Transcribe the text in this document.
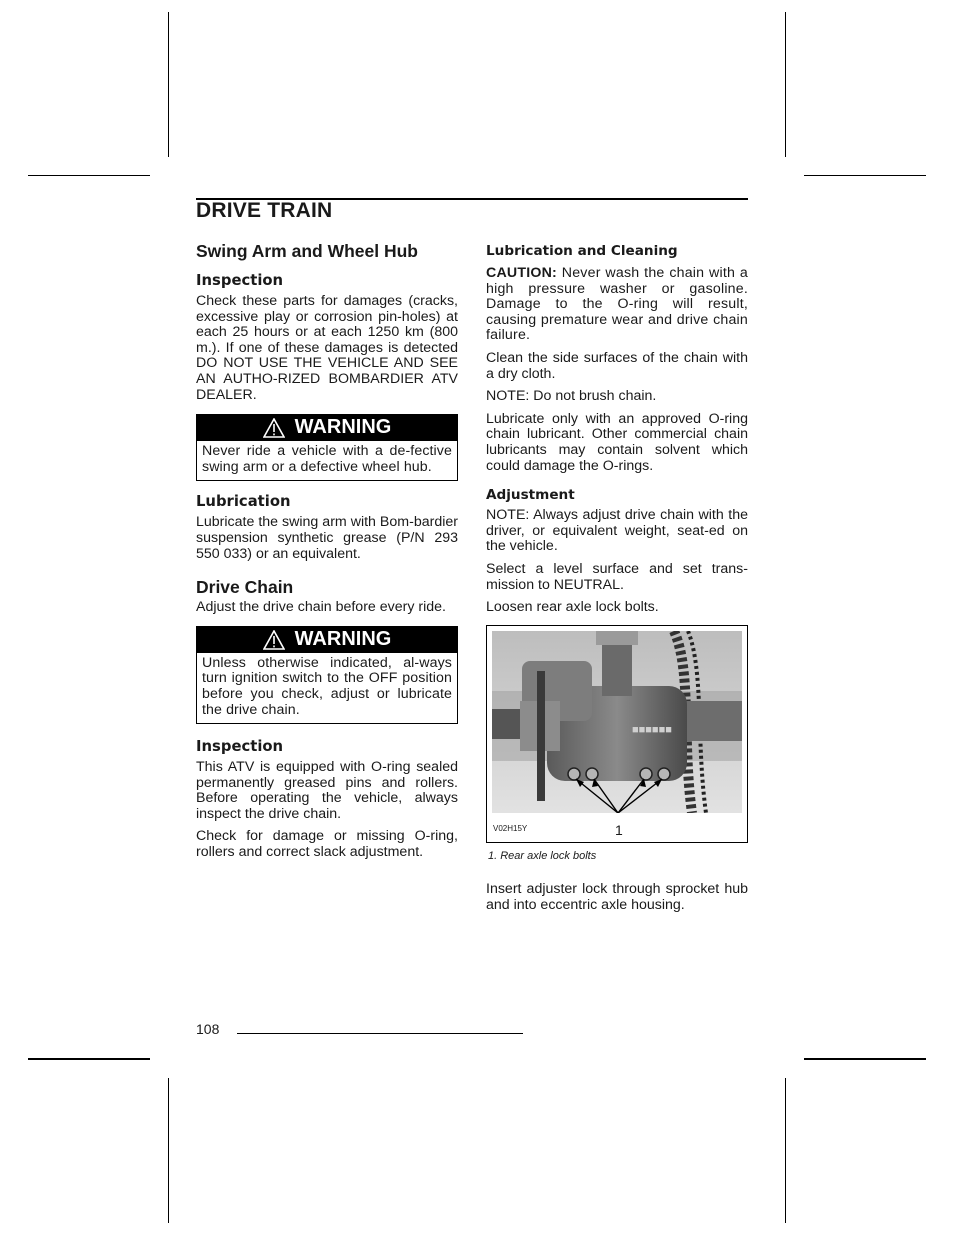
DRIVE TRAIN
Swing Arm and Wheel Hub
Inspection

Check these parts for damages (cracks, excessive play or corrosion pin-holes) at each 25 hours or at each 1250 km (800 m.). If one of these damages is detected DO NOT USE THE VEHICLE AND SEE AN AUTHO-RIZED BOMBARDIER ATV DEALER.

WARNING
Never ride a vehicle with a de-fective swing arm or a defective wheel hub.
Lubrication

Lubricate the swing arm with Bom-bardier suspension synthetic grease (P/N 293 550 033) or an equivalent.

Drive Chain

Adjust the drive chain before every ride.

WARNING
Unless otherwise indicated, al-ways turn ignition switch to the OFF position before you check, adjust or lubricate the drive chain.
Inspection

This ATV is equipped with O-ring sealed permanently greased pins and rollers. Before operating the vehicle, always inspect the drive chain.

Check for damage or missing O-ring, rollers and correct slack adjustment.

Lubrication and Cleaning

CAUTION: Never wash the chain with a high pressure washer or gasoline. Damage to the O-ring will result, causing premature wear and drive chain failure.

Clean the side surfaces of the chain with a dry cloth.

NOTE: Do not brush chain.

Lubricate only with an approved O-ring chain lubricant. Other commercial chain lubricants may contain solvent which could damage the O-rings.

Adjustment

NOTE: Always adjust drive chain with the driver, or equivalent weight, seat-ed on the vehicle.

Select a level surface and set trans-mission to NEUTRAL.

Loosen rear axle lock bolts.

■■■■■■
V02H15Y	1
1. Rear axle lock bolts

Insert adjuster lock through sprocket hub and into eccentric axle housing.

108
